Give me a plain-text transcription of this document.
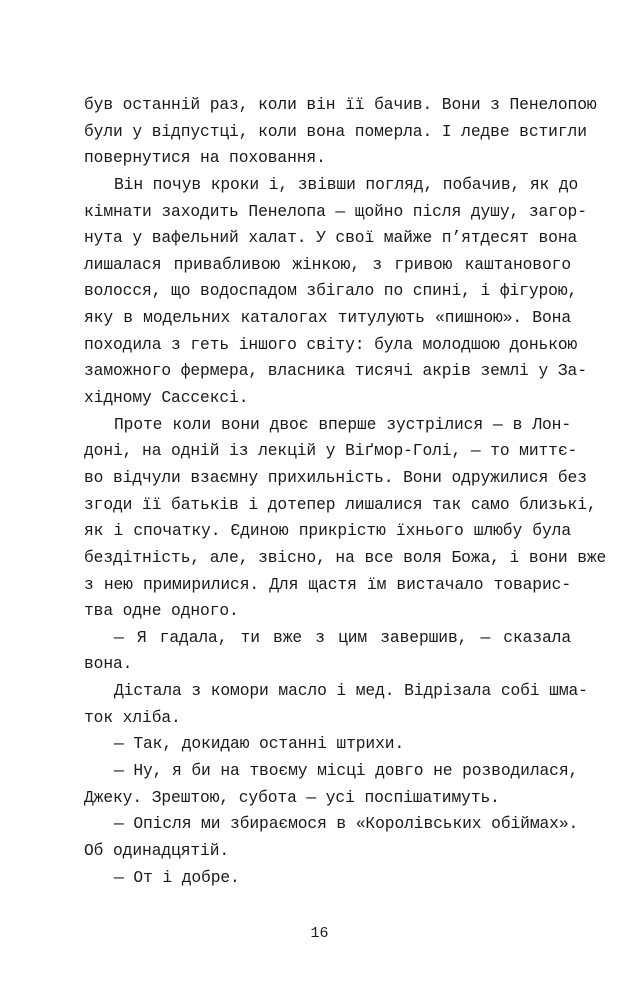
був останній раз, коли він її бачив. Вони з Пенелопою
були у відпустці, коли вона померла. І ледве встигли
повернутися на поховання.
Він почув кроки і, звівши погляд, побачив, як до
кімнати заходить Пенелопа — щойно після душу, загор-
нута у вафельний халат. У свої майже п’ятдесят вона
лишалася привабливою жінкою, з гривою каштанового
волосся, що водоспадом збігало по спині, і фігурою,
яку в модельних каталогах титулують «пишною». Вона
походила з геть іншого світу: була молодшою донькою
заможного фермера, власника тисячі акрів землі у За-
хідному Сассексі.
Проте коли вони двоє вперше зустрілися — в Лон-
доні, на одній із лекцій у Віґмор-Голі, — то миттє-
во відчули взаємну прихильність. Вони одружилися без
згоди її батьків і дотепер лишалися так само близькі,
як і спочатку. Єдиною прикрістю їхнього шлюбу була
бездітність, але, звісно, на все воля Божа, і вони вже
з нею примирилися. Для щастя їм вистачало товарис-
тва одне одного.
— Я гадала, ти вже з цим завершив, — сказала
вона.
Дістала з комори масло і мед. Відрізала собі шма-
ток хліба.
— Так, докидаю останні штрихи.
— Ну, я би на твоєму місці довго не розводилася,
Джеку. Зрештою, субота — усі поспішатимуть.
— Опісля ми збираємося в «Королівських обіймах».
Об одинадцятій.
— От і добре.
16
